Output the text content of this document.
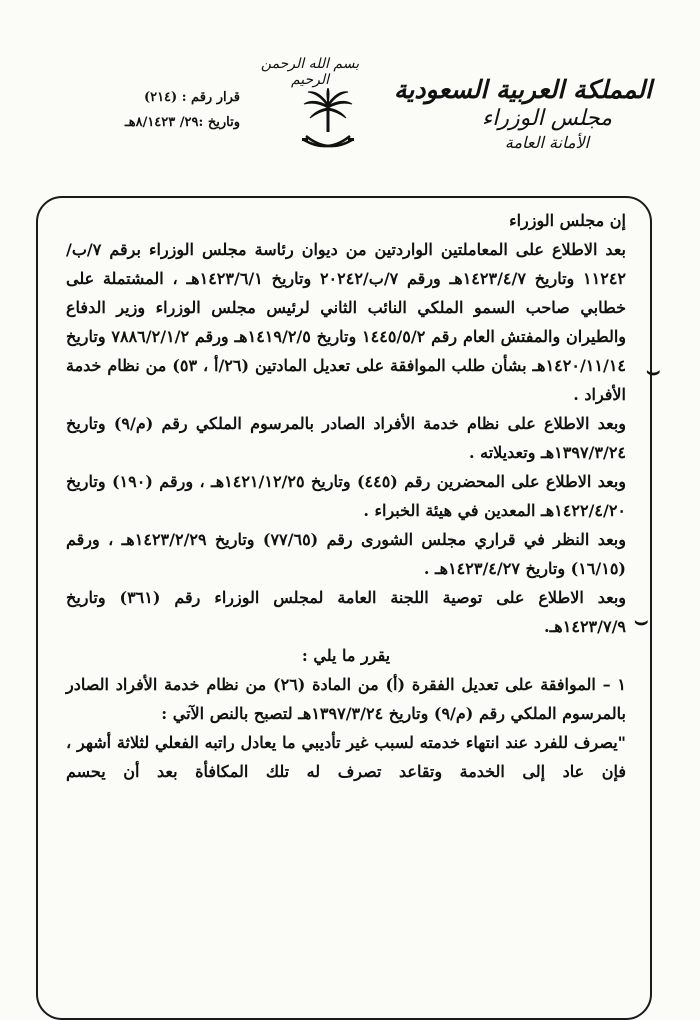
بسم الله الرحمن الرحيم	المملكة العربية السعودية
مجلس الوزراء
الأمانة العامة
قرار رقم : (٢١٤)
وتاريخ :٢٩/ ٨/١٤٢٣هـ
⌣
⌣

إن مجلس الوزراء

بعد الاطلاع على المعاملتين الواردتين من ديوان رئاسة مجلس الوزراء برقم ٧/ب/١١٢٤٢ وتاريخ ١٤٢٣/٤/٧هـ ورقم ٧/ب/٢٠٢٤٢ وتاريخ ١٤٢٣/٦/١هـ ، المشتملة على خطابي صاحب السمو الملكي النائب الثاني لرئيس مجلس الوزراء وزير الدفاع والطيران والمفتش العام رقم ١٤٤٥/٥/٢ وتاريخ ١٤١٩/٢/٥هـ ورقم ٧٨٨٦/٢/١/٢ وتاريخ ١٤٢٠/١١/١٤هـ بشأن طلب الموافقة على تعديل المادتين (٢٦/أ ، ٥٣) من نظام خدمة الأفراد .

وبعد الاطلاع على نظام خدمة الأفراد الصادر بالمرسوم الملكي رقم (م/٩) وتاريخ ١٣٩٧/٣/٢٤هـ وتعديلاته .

وبعد الاطلاع على المحضرين رقم (٤٤٥) وتاريخ ١٤٢١/١٢/٢٥هـ ، ورقم (١٩٠) وتاريخ ١٤٢٢/٤/٢٠هـ المعدين في هيئة الخبراء .

وبعد النظر في قراري مجلس الشورى رقم (٧٧/٦٥) وتاريخ ١٤٢٣/٢/٢٩هـ ، ورقم (١٦/١٥) وتاريخ ١٤٢٣/٤/٢٧هـ .

وبعد الاطلاع على توصية اللجنة العامة لمجلس الوزراء رقم (٣٦١) وتاريخ ١٤٢٣/٧/٩هـ.

يقرر ما يلي :

١ – الموافقة على تعديل الفقرة (أ) من المادة (٢٦) من نظام خدمة الأفراد الصادر بالمرسوم الملكي رقم (م/٩) وتاريخ ١٣٩٧/٣/٢٤هـ لتصبح بالنص الآتي :

"يصرف للفرد عند انتهاء خدمته لسبب غير تأديبي ما يعادل راتبه الفعلي لثلاثة أشهر ، فإن عاد إلى الخدمة وتقاعد تصرف له تلك المكافأة بعد أن يحسم
